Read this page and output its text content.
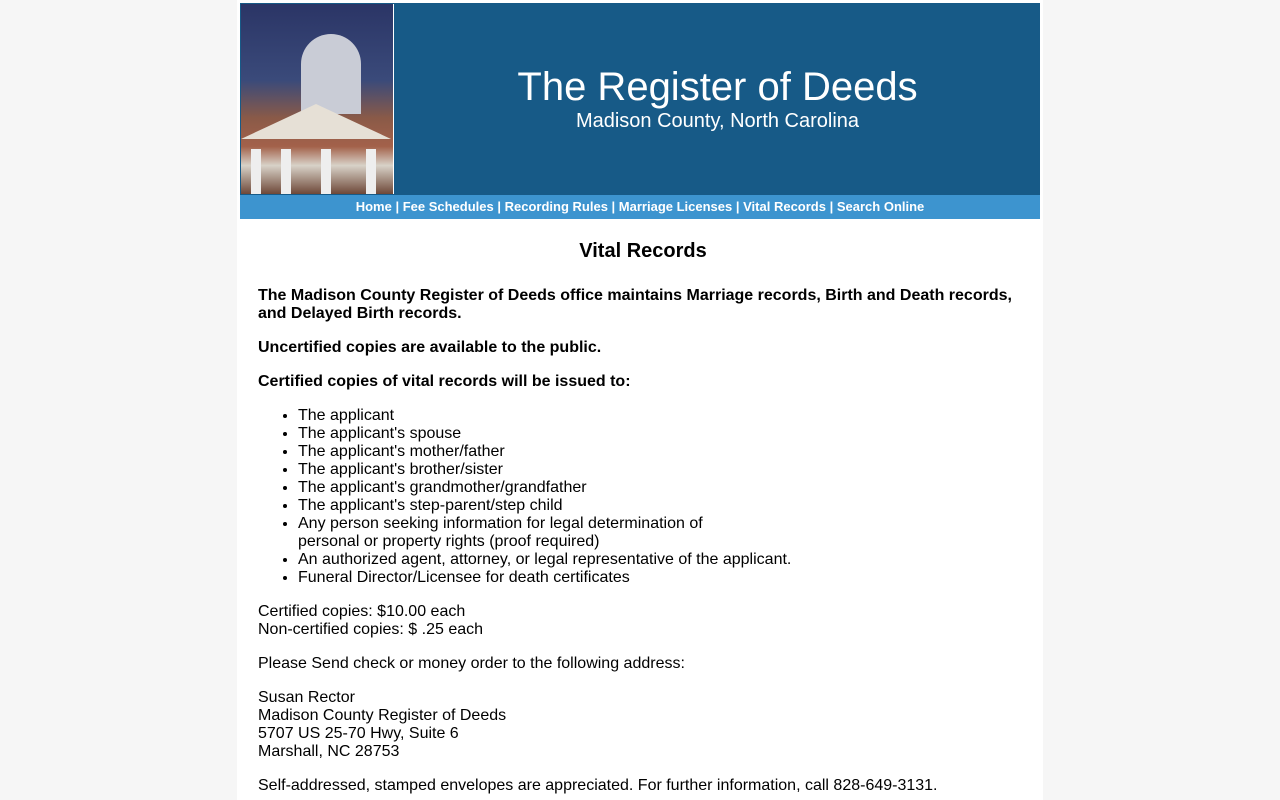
The Register of Deeds
Madison County, North Carolina
Home | Fee Schedules | Recording Rules | Marriage Licenses | Vital Records | Search Online
Vital Records

The Madison County Register of Deeds office maintains Marriage records, Birth and Death records, and Delayed Birth records.

Uncertified copies are available to the public.

Certified copies of vital records will be issued to:

• The applicant
• The applicant's spouse
• The applicant's mother/father
• The applicant's brother/sister
• The applicant's grandmother/grandfather
• The applicant's step-parent/step child
• Any person seeking information for legal determination of
personal or property rights (proof required)
• An authorized agent, attorney, or legal representative of the applicant.
• Funeral Director/Licensee for death certificates

Certified copies: $10.00 each
Non-certified copies: $ .25 each

Please Send check or money order to the following address:

Susan Rector
Madison County Register of Deeds
5707 US 25-70 Hwy, Suite 6
Marshall, NC 28753

Self-addressed, stamped envelopes are appreciated. For further information, call 828-649-3131.
